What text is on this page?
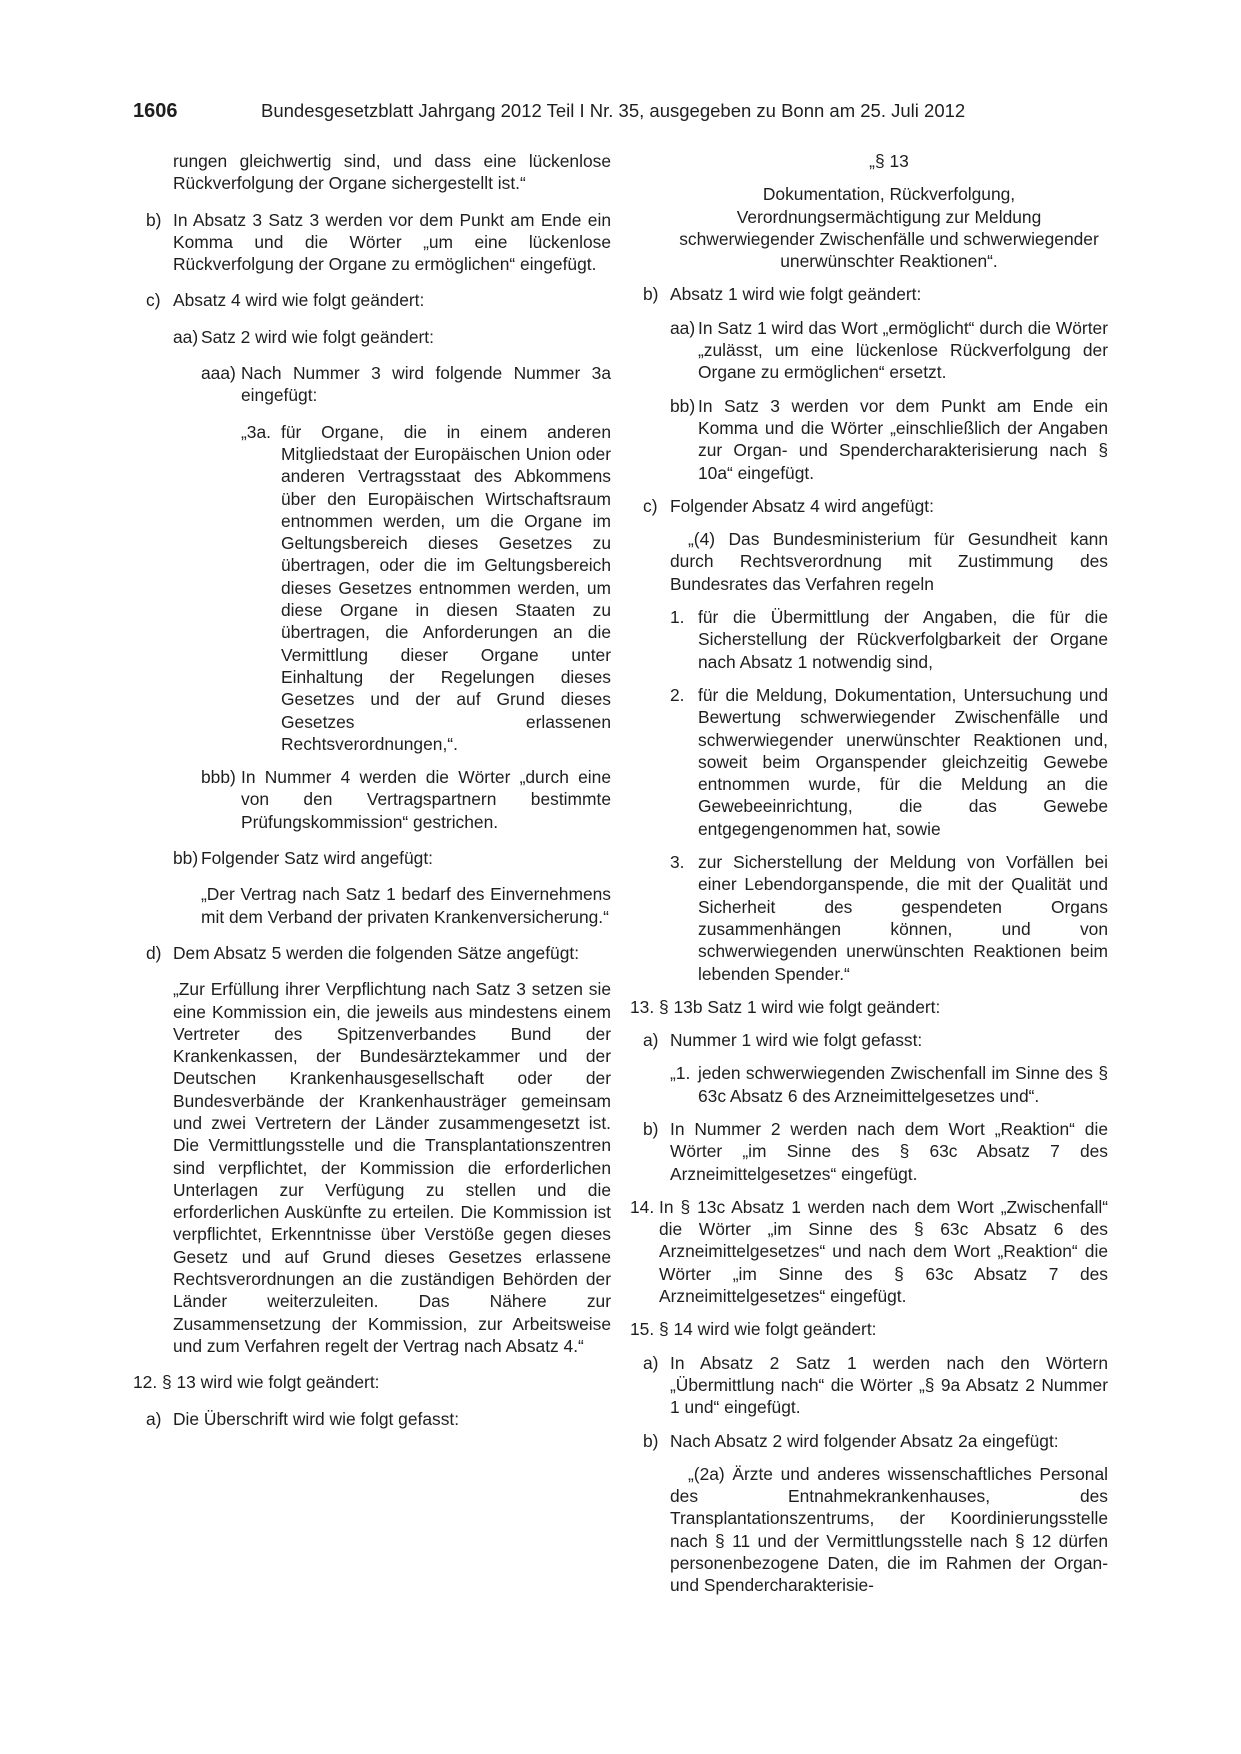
1606	Bundesgesetzblatt Jahrgang 2012 Teil I Nr. 35, ausgegeben zu Bonn am 25. Juli 2012

rungen gleichwertig sind, und dass eine lückenlose Rückverfolgung der Organe sichergestellt ist.“

b) In Absatz 3 Satz 3 werden vor dem Punkt am Ende ein Komma und die Wörter „um eine lückenlose Rückverfolgung der Organe zu ermöglichen“ eingefügt.

c) Absatz 4 wird wie folgt geändert:

aa) Satz 2 wird wie folgt geändert:

aaa) Nach Nummer 3 wird folgende Nummer 3a eingefügt:

„3a. für Organe, die in einem anderen Mitgliedstaat der Europäischen Union oder anderen Vertragsstaat des Abkommens über den Europäischen Wirtschaftsraum entnommen werden, um die Organe im Geltungsbereich dieses Gesetzes zu übertragen, oder die im Geltungsbereich dieses Gesetzes entnommen werden, um diese Organe in diesen Staaten zu übertragen, die Anforderungen an die Vermittlung dieser Organe unter Einhaltung der Regelungen dieses Gesetzes und der auf Grund dieses Gesetzes erlassenen Rechtsverordnungen,“.

bbb) In Nummer 4 werden die Wörter „durch eine von den Vertragspartnern bestimmte Prüfungskommission“ gestrichen.

bb) Folgender Satz wird angefügt:

„Der Vertrag nach Satz 1 bedarf des Einvernehmens mit dem Verband der privaten Krankenversicherung.“

d) Dem Absatz 5 werden die folgenden Sätze angefügt:

„Zur Erfüllung ihrer Verpflichtung nach Satz 3 setzen sie eine Kommission ein, die jeweils aus mindestens einem Vertreter des Spitzenverbandes Bund der Krankenkassen, der Bundesärztekammer und der Deutschen Krankenhausgesellschaft oder der Bundesverbände der Krankenhausträger gemeinsam und zwei Vertretern der Länder zusammengesetzt ist. Die Vermittlungsstelle und die Transplantationszentren sind verpflichtet, der Kommission die erforderlichen Unterlagen zur Verfügung zu stellen und die erforderlichen Auskünfte zu erteilen. Die Kommission ist verpflichtet, Erkenntnisse über Verstöße gegen dieses Gesetz und auf Grund dieses Gesetzes erlassene Rechtsverordnungen an die zuständigen Behörden der Länder weiterzuleiten. Das Nähere zur Zusammensetzung der Kommission, zur Arbeitsweise und zum Verfahren regelt der Vertrag nach Absatz 4.“

12. § 13 wird wie folgt geändert:

a) Die Überschrift wird wie folgt gefasst:

„§ 13

Dokumentation, Rückverfolgung, Verordnungsermächtigung zur Meldung schwerwiegender Zwischenfälle und schwerwiegender unerwünschter Reaktionen“.

b) Absatz 1 wird wie folgt geändert:

aa) In Satz 1 wird das Wort „ermöglicht“ durch die Wörter „zulässt, um eine lückenlose Rückverfolgung der Organe zu ermöglichen“ ersetzt.

bb) In Satz 3 werden vor dem Punkt am Ende ein Komma und die Wörter „einschließlich der Angaben zur Organ- und Spendercharakterisierung nach § 10a“ eingefügt.

c) Folgender Absatz 4 wird angefügt:

„(4) Das Bundesministerium für Gesundheit kann durch Rechtsverordnung mit Zustimmung des Bundesrates das Verfahren regeln

1. für die Übermittlung der Angaben, die für die Sicherstellung der Rückverfolgbarkeit der Organe nach Absatz 1 notwendig sind,

2. für die Meldung, Dokumentation, Untersuchung und Bewertung schwerwiegender Zwischenfälle und schwerwiegender unerwünschter Reaktionen und, soweit beim Organspender gleichzeitig Gewebe entnommen wurde, für die Meldung an die Gewebeeinrichtung, die das Gewebe entgegengenommen hat, sowie

3. zur Sicherstellung der Meldung von Vorfällen bei einer Lebendorganspende, die mit der Qualität und Sicherheit des gespendeten Organs zusammenhängen können, und von schwerwiegenden unerwünschten Reaktionen beim lebenden Spender.“

13. § 13b Satz 1 wird wie folgt geändert:

a) Nummer 1 wird wie folgt gefasst:

„1. jeden schwerwiegenden Zwischenfall im Sinne des § 63c Absatz 6 des Arzneimittelgesetzes und“.

b) In Nummer 2 werden nach dem Wort „Reaktion“ die Wörter „im Sinne des § 63c Absatz 7 des Arzneimittelgesetzes“ eingefügt.

14. In § 13c Absatz 1 werden nach dem Wort „Zwischenfall“ die Wörter „im Sinne des § 63c Absatz 6 des Arzneimittelgesetzes“ und nach dem Wort „Reaktion“ die Wörter „im Sinne des § 63c Absatz 7 des Arzneimittelgesetzes“ eingefügt.

15. § 14 wird wie folgt geändert:

a) In Absatz 2 Satz 1 werden nach den Wörtern „Übermittlung nach“ die Wörter „§ 9a Absatz 2 Nummer 1 und“ eingefügt.

b) Nach Absatz 2 wird folgender Absatz 2a eingefügt:

„(2a) Ärzte und anderes wissenschaftliches Personal des Entnahmekrankenhauses, des Transplantationszentrums, der Koordinierungsstelle nach § 11 und der Vermittlungsstelle nach § 12 dürfen personenbezogene Daten, die im Rahmen der Organ- und Spendercharakterisie-
